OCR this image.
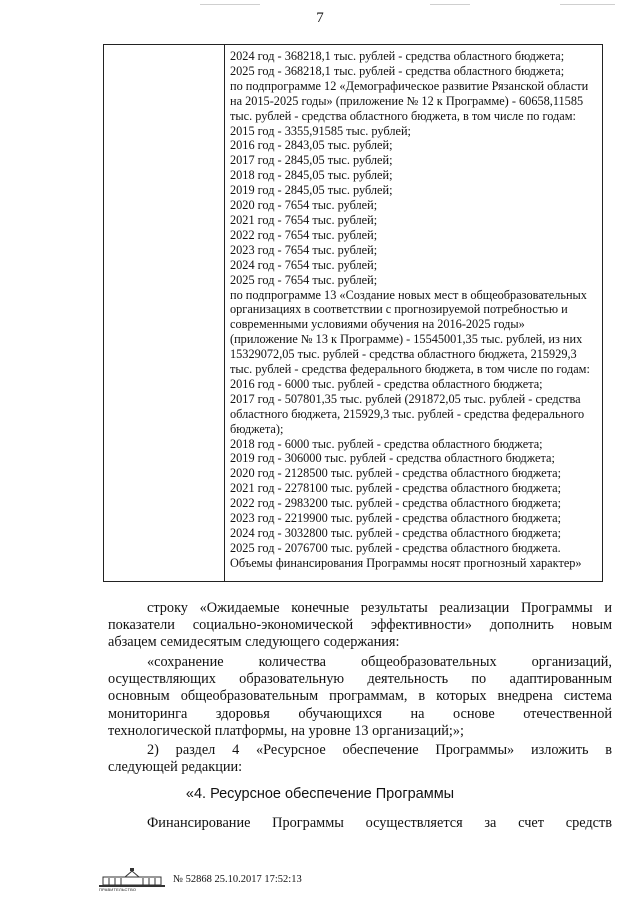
7
2024 год - 368218,1 тыс. рублей - средства областного бюджета;
2025 год - 368218,1 тыс. рублей - средства областного бюджета;
по подпрограмме 12 «Демографическое развитие Рязанской области
на 2015-2025 годы» (приложение № 12 к Программе) - 60658,11585
тыс. рублей - средства областного бюджета, в том числе по годам:
2015 год - 3355,91585 тыс. рублей;
2016 год - 2843,05 тыс. рублей;
2017 год - 2845,05 тыс. рублей;
2018 год - 2845,05 тыс. рублей;
2019 год - 2845,05 тыс. рублей;
2020 год - 7654 тыс. рублей;
2021 год - 7654 тыс. рублей;
2022 год - 7654 тыс. рублей;
2023 год - 7654 тыс. рублей;
2024 год - 7654 тыс. рублей;
2025 год - 7654 тыс. рублей;
по подпрограмме 13 «Создание новых мест в общеобразовательных
организациях в соответствии с прогнозируемой потребностью и
современными условиями обучения на 2016-2025 годы»
(приложение № 13 к Программе) - 15545001,35 тыс. рублей, из них
15329072,05 тыс. рублей - средства областного бюджета, 215929,3
тыс. рублей - средства федерального бюджета, в том числе по годам:
2016 год - 6000 тыс. рублей - средства областного бюджета;
2017 год - 507801,35 тыс. рублей (291872,05 тыс. рублей - средства
областного бюджета, 215929,3 тыс. рублей - средства федерального
бюджета);
2018 год - 6000 тыс. рублей - средства областного бюджета;
2019 год - 306000 тыс. рублей - средства областного бюджета;
2020 год - 2128500 тыс. рублей - средства областного бюджета;
2021 год - 2278100 тыс. рублей - средства областного бюджета;
2022 год - 2983200 тыс. рублей - средства областного бюджета;
2023 год - 2219900 тыс. рублей - средства областного бюджета;
2024 год - 3032800 тыс. рублей - средства областного бюджета;
2025 год - 2076700 тыс. рублей - средства областного бюджета.
Объемы финансирования Программы носят прогнозный характер»
строку «Ожидаемые конечные результаты реализации Программы и
показатели социально-экономической эффективности» дополнить новым
абзацем семидесятым следующего содержания:
«сохранение количества общеобразовательных организаций,
осуществляющих образовательную деятельность по адаптированным
основным общеобразовательным программам, в которых внедрена система
мониторинга здоровья обучающихся на основе отечественной
технологической платформы, на уровне 13 организаций;»;
2) раздел 4 «Ресурсное обеспечение Программы» изложить в
следующей редакции:
«4. Ресурсное обеспечение Программы
Финансирование Программы осуществляется за счет средств
ПРАВИТЕЛЬСТВО
№ 52868 25.10.2017 17:52:13
